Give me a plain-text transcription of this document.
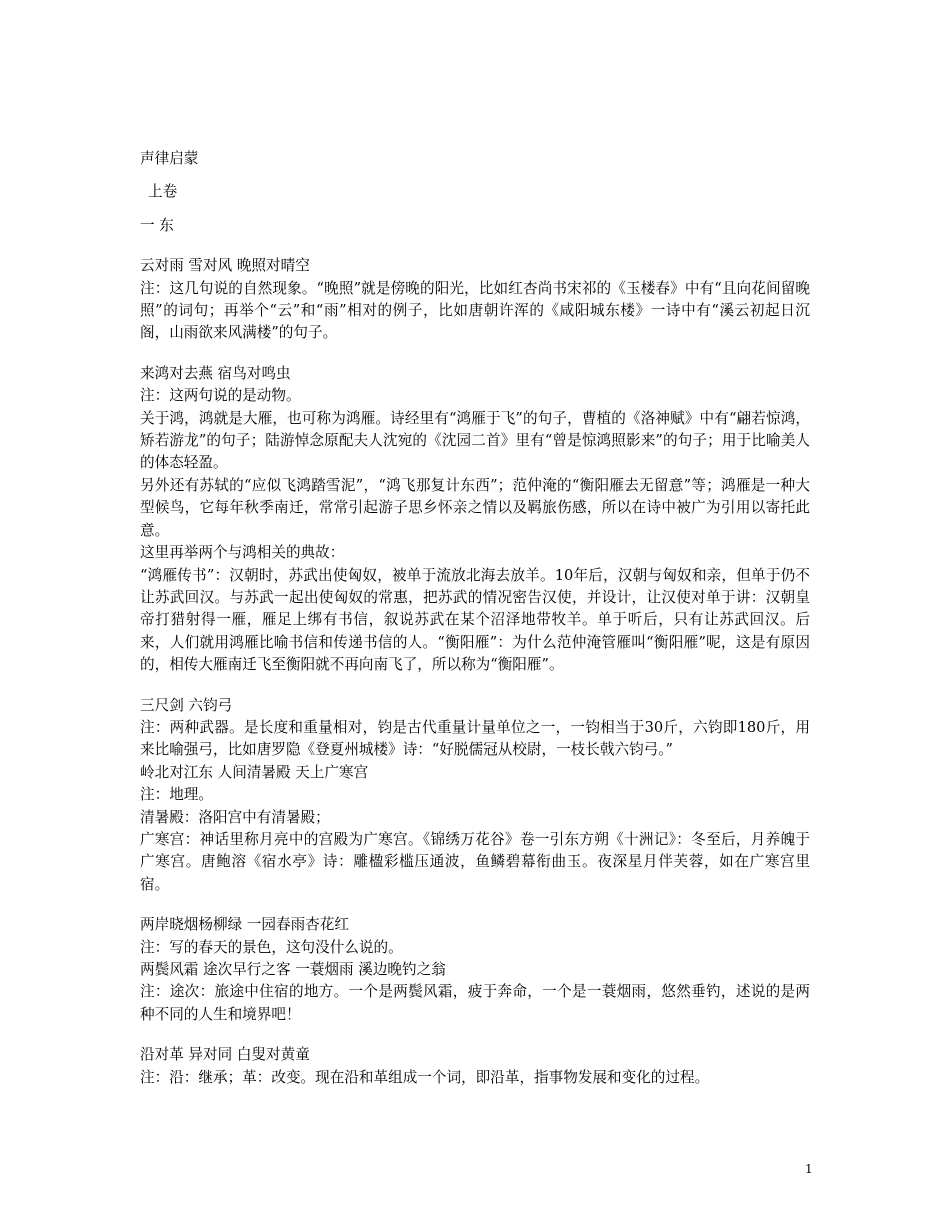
声律启蒙
上卷
一 东
云对雨 雪对风 晚照对晴空
注：这几句说的自然现象。“晚照”就是傍晚的阳光，比如红杏尚书宋祁的《玉楼春》中有“且向花间留晚照”的词句；再举个“云”和“雨”相对的例子，比如唐朝许浑的《咸阳城东楼》一诗中有“溪云初起日沉阁，山雨欲来风满楼”的句子。
来鸿对去燕 宿鸟对鸣虫
注：这两句说的是动物。
关于鸿，鸿就是大雁，也可称为鸿雁。诗经里有“鸿雁于飞”的句子，曹植的《洛神赋》中有“翩若惊鸿，矫若游龙”的句子；陆游悼念原配夫人沈宛的《沈园二首》里有“曾是惊鸿照影来”的句子；用于比喻美人的体态轻盈。
另外还有苏轼的“应似飞鸿踏雪泥”，“鸿飞那复计东西”；范仲淹的“衡阳雁去无留意”等；鸿雁是一种大型候鸟，它每年秋季南迁，常常引起游子思乡怀亲之情以及羁旅伤感，所以在诗中被广为引用以寄托此意。
这里再举两个与鸿相关的典故：
“鸿雁传书”：汉朝时，苏武出使匈奴，被单于流放北海去放羊。10年后，汉朝与匈奴和亲，但单于仍不让苏武回汉。与苏武一起出使匈奴的常惠，把苏武的情况密告汉使，并设计，让汉使对单于讲：汉朝皇帝打猎射得一雁，雁足上绑有书信，叙说苏武在某个沼泽地带牧羊。单于听后，只有让苏武回汉。后来，人们就用鸿雁比喻书信和传递书信的人。“衡阳雁”：为什么范仲淹管雁叫“衡阳雁”呢，这是有原因的，相传大雁南迁飞至衡阳就不再向南飞了，所以称为“衡阳雁”。
三尺剑 六钧弓
注：两种武器。是长度和重量相对，钧是古代重量计量单位之一，一钧相当于30斤，六钧即180斤，用来比喻强弓，比如唐罗隐《登夏州城楼》诗：“好脱儒冠从校尉，一枝长戟六钧弓。”
岭北对江东 人间清暑殿 天上广寒宫
注：地理。
清暑殿：洛阳宫中有清暑殿；
广寒宫：神话里称月亮中的宫殿为广寒宫。《锦绣万花谷》卷一引东方朔《十洲记》：冬至后，月养魄于广寒宫。唐鲍溶《宿水亭》诗：雕楹彩槛压通波，鱼鳞碧幕衔曲玉。夜深星月伴芙蓉，如在广寒宫里宿。
两岸晓烟杨柳绿 一园春雨杏花红
注：写的春天的景色，这句没什么说的。
两鬓风霜 途次早行之客 一蓑烟雨 溪边晚钓之翁
注：途次：旅途中住宿的地方。一个是两鬓风霜，疲于奔命，一个是一蓑烟雨，悠然垂钓，述说的是两种不同的人生和境界吧！
沿对革 异对同 白叟对黄童
注：沿：继承；革：改变。现在沿和革组成一个词，即沿革，指事物发展和变化的过程。
1
